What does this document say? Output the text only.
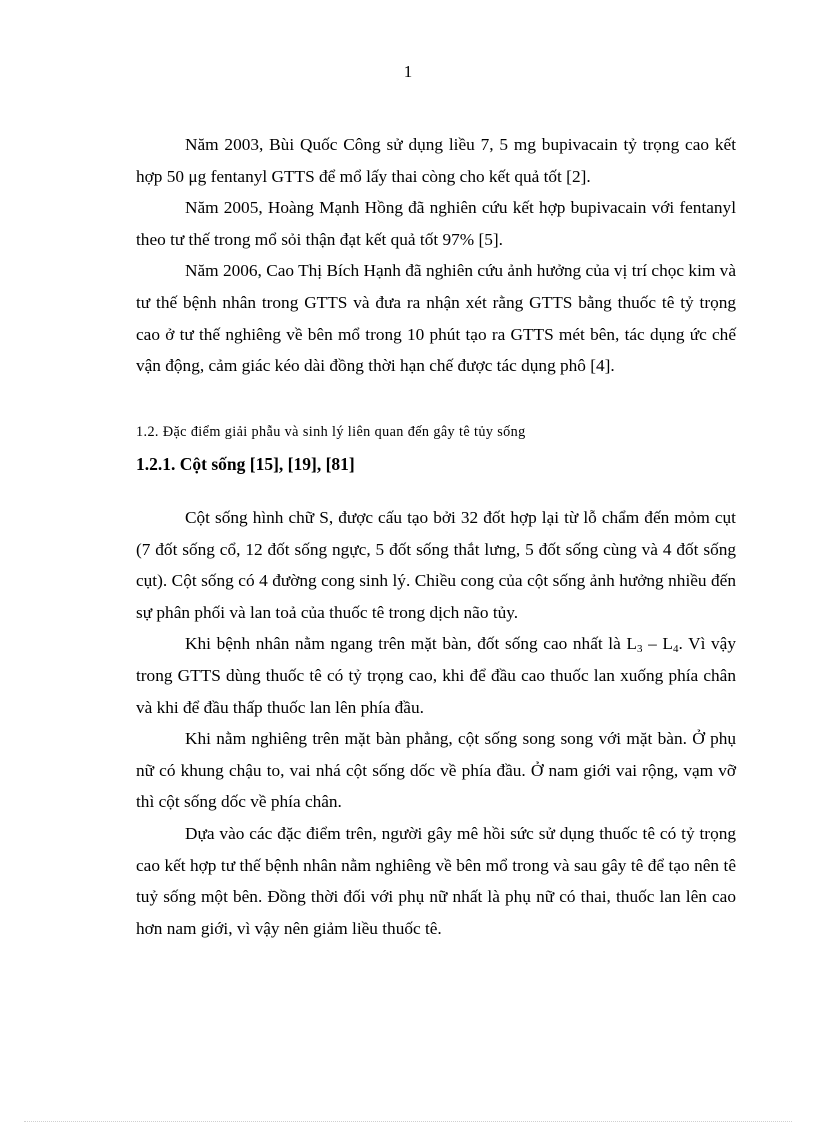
1

Năm 2003, Bùi Quốc Công sử dụng liều 7, 5 mg bupivacain tỷ trọng cao kết hợp 50 μg fentanyl GTTS để mổ lấy thai còng cho kết quả tốt [2].

Năm 2005, Hoàng Mạnh Hồng đã nghiên cứu kết hợp bupivacain với fentanyl theo tư thế trong mổ sỏi thận đạt kết quả tốt 97% [5].

Năm 2006, Cao Thị Bích Hạnh đã nghiên cứu ảnh hưởng của vị trí chọc kim và tư thế bệnh nhân trong GTTS và đưa ra nhận xét rằng GTTS bằng thuốc tê tỷ trọng cao ở tư thế nghiêng về bên mổ trong 10 phút tạo ra GTTS mét bên, tác dụng ức chế vận động, cảm giác kéo dài đồng thời hạn chế được tác dụng phô [4].

1.2. Đặc điểm giải phẫu và sinh lý liên quan đến gây tê tủy sống
1.2.1. Cột sống [15], [19], [81]

Cột sống hình chữ S, được cấu tạo bởi 32 đốt hợp lại từ lỗ chẩm đến mỏm cụt (7 đốt sống cổ, 12 đốt sống ngực, 5 đốt sống thắt lưng, 5 đốt sống cùng và 4 đốt sống cụt). Cột sống có 4 đường cong sinh lý. Chiều cong của cột sống ảnh hưởng nhiều đến sự phân phối và lan toả của thuốc tê trong dịch não tủy.

Khi bệnh nhân nằm ngang trên mặt bàn, đốt sống cao nhất là $L_3 - L_4$. Vì vậy trong GTTS dùng thuốc tê có tỷ trọng cao, khi để đầu cao thuốc lan xuống phía chân và khi để đầu thấp thuốc lan lên phía đầu.

Khi nằm nghiêng trên mặt bàn phẳng, cột sống song song với mặt bàn. Ở phụ nữ có khung chậu to, vai nhá cột sống dốc về phía đầu. Ở nam giới vai rộng, vạm vỡ thì cột sống dốc về phía chân.

Dựa vào các đặc điểm trên, người gây mê hồi sức sử dụng thuốc tê có tỷ trọng cao kết hợp tư thế bệnh nhân nằm nghiêng về bên mổ trong và sau gây tê để tạo nên tê tuỷ sống một bên. Đồng thời đối với phụ nữ nhất là phụ nữ có thai, thuốc lan lên cao hơn nam giới, vì vậy nên giảm liều thuốc tê.
